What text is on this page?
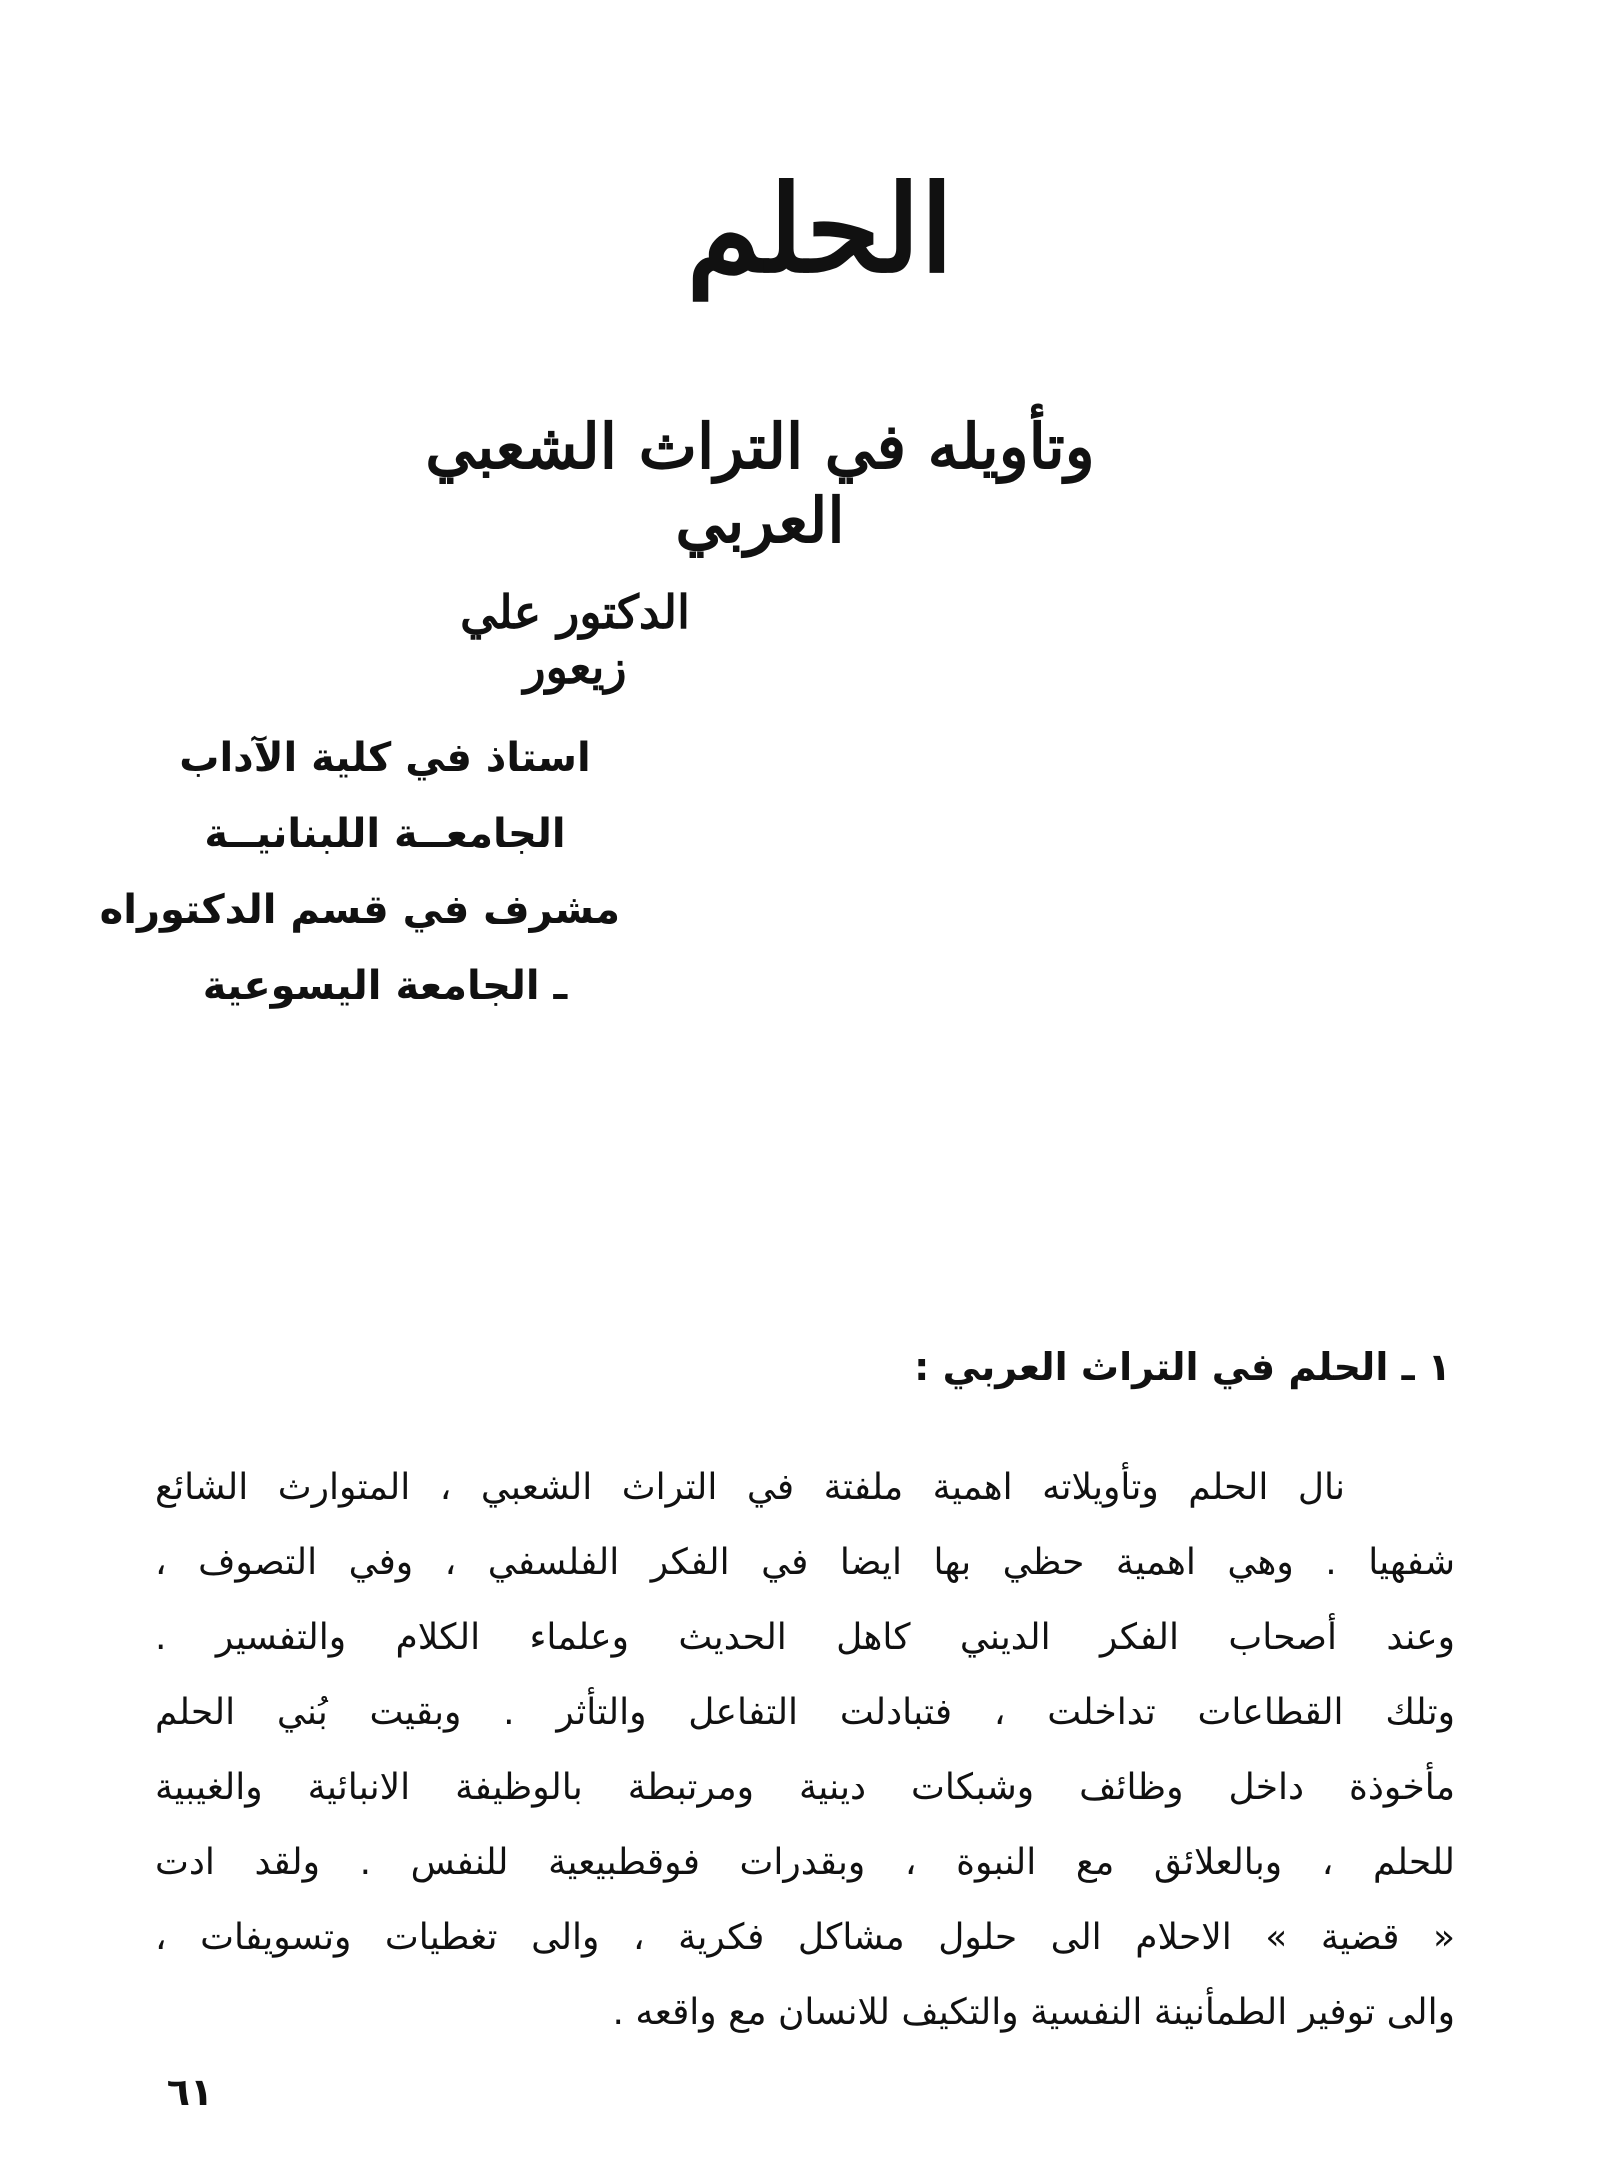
الحلم
وتأويله في التراث الشعبي العربي

الدكتور علي زيعور

استاذ في كلية الآداب
الجامعــة اللبنانيــة
مشرف في قسم الدكتوراه
ـ الجامعة اليسوعية
١ ـ الحلم في التراث العربي :
نال الحلم وتأويلاته اهمية ملفتة في التراث الشعبي ، المتوارث الشائع
شفهيا . وهي اهمية حظي بها ايضا في الفكر الفلسفي ، وفي التصوف ،
وعند أصحاب الفكر الديني كاهل الحديث وعلماء الكلام والتفسير .
وتلك القطاعات تداخلت ، فتبادلت التفاعل والتأثر . وبقيت بُني الحلم
مأخوذة داخل وظائف وشبكات دينية ومرتبطة بالوظيفة الانبائية والغيبية
للحلم ، وبالعلائق مع النبوة ، وبقدرات فوقطبيعية للنفس . ولقد ادت
« قضية » الاحلام الى حلول مشاكل فكرية ، والى تغطيات وتسويفات ،
والى توفير الطمأنينة النفسية والتكيف للانسان مع واقعه .

٦١
